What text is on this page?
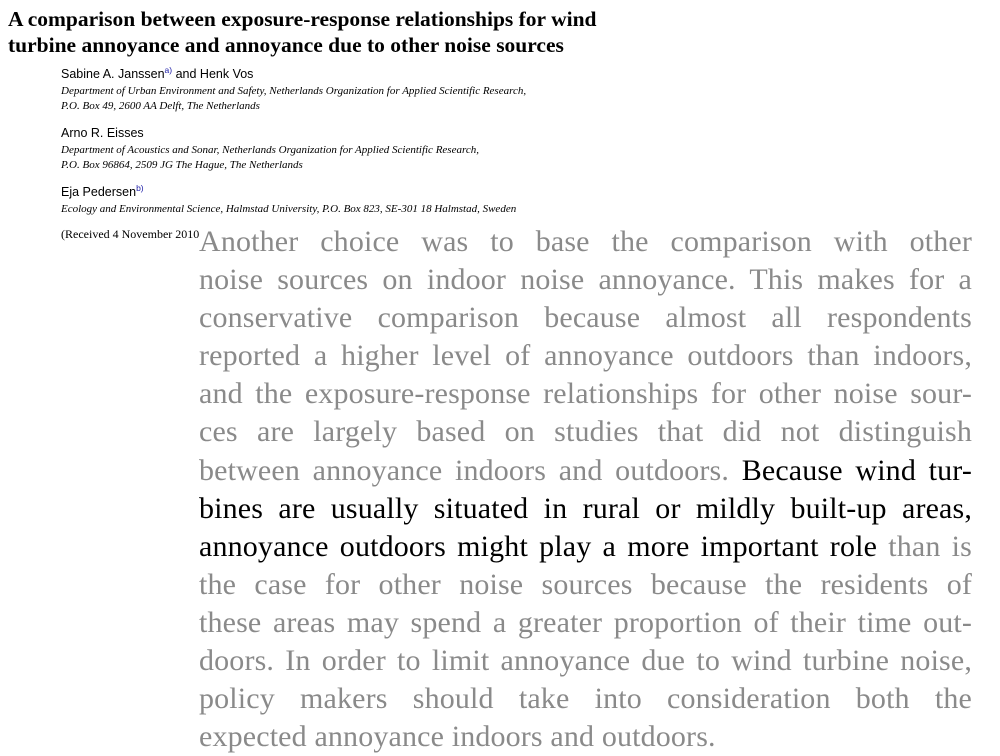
A comparison between exposure-response relationships for wind
turbine annoyance and annoyance due to other noise sources

Sabine A. Janssen$^{a)}$ and Henk Vos

Department of Urban Environment and Safety, Netherlands Organization for Applied Scientific Research,

P.O. Box 49, 2600 AA Delft, The Netherlands

Arno R. Eisses

Department of Acoustics and Sonar, Netherlands Organization for Applied Scientific Research,

P.O. Box 96864, 2509 JG The Hague, The Netherlands

Eja Pedersen$^{b)}$

Ecology and Environmental Science, Halmstad University, P.O. Box 823, SE-301 18 Halmstad, Sweden

(Received 4 November 2010 Another choice was to base the comparison with other
noise sources on indoor noise annoyance. This makes for a
conservative comparison because almost all respondents
reported a higher level of annoyance outdoors than indoors,
and the exposure-response relationships for other noise sour-
ces are largely based on studies that did not distinguish
between annoyance indoors and outdoors. Because wind tur-
bines are usually situated in rural or mildly built-up areas,
annoyance outdoors might play a more important role than is
the case for other noise sources because the residents of
these areas may spend a greater proportion of their time out-
doors. In order to limit annoyance due to wind turbine noise,
policy makers should take into consideration both the
expected annoyance indoors and outdoors.
